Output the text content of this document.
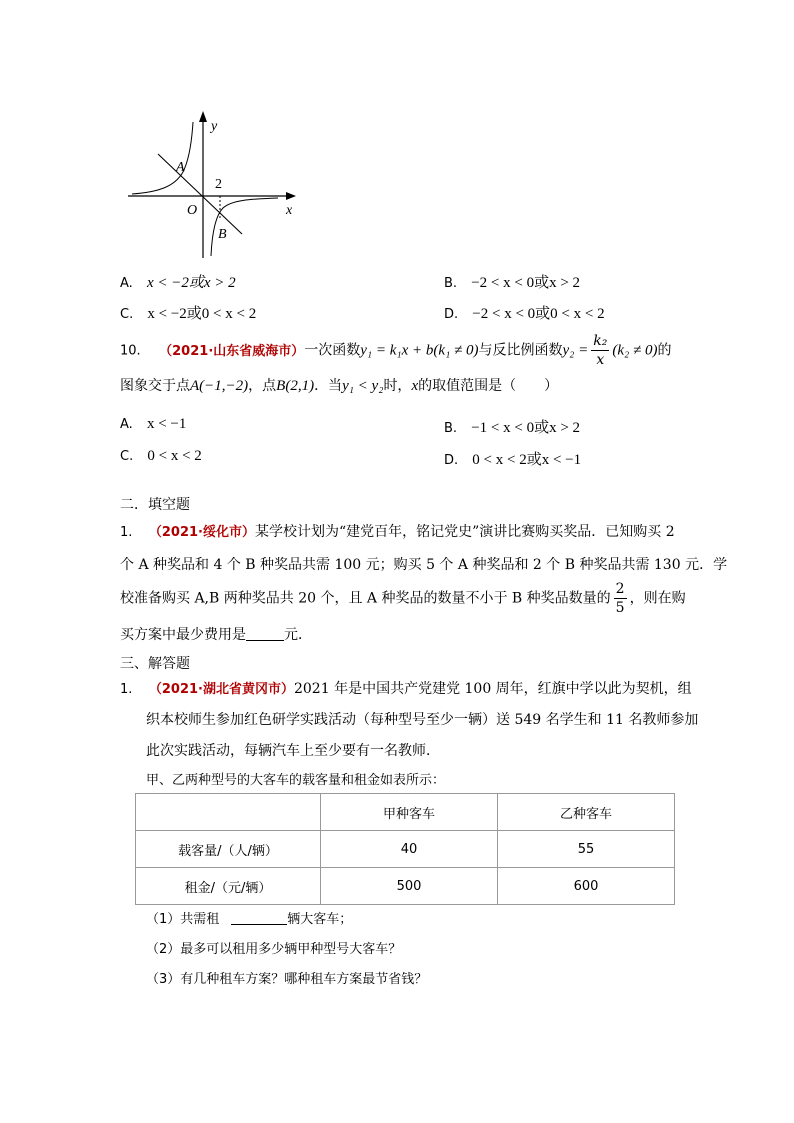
y
x
O
A
B
2
A. x < −2或x > 2	B. −2 < x < 0或x > 2
C. x < −2或0 < x < 2	D. −2 < x < 0或0 < x < 2
10. （2021·山东省威海市）一次函数y₁ = k₁x + b(k₁ ≠ 0)与反比例函数$y_2 = \frac{\text{k₂}}{x} (k_2 \ne 0)$的
图象交于点A(−1,−2)，点B(2,1)．当y₁ < y₂时，x的取值范围是（　　）
A. x < −1	B. −1 < x < 0或x > 2
C. 0 < x < 2	D. 0 < x < 2或x < −1
二．填空题
1. （2021·绥化市）某学校计划为“建党百年，铭记党史”演讲比赛购买奖品．已知购买 2
个 A 种奖品和 4 个 B 种奖品共需 100 元；购买 5 个 A 种奖品和 2 个 B 种奖品共需 130 元．学
校准备购买 A,B 两种奖品共 20 个，且 A 种奖品的数量不小于 B 种奖品数量的 $\frac{2}{5}$ ，则在购
买方案中最少费用是	元．
三、解答题
1. （2021·湖北省黄冈市）2021 年是中国共产党建党 100 周年，红旗中学以此为契机，组
织本校师生参加红色研学实践活动（每种型号至少一辆）送 549 名学生和 11 名教师参加
此次实践活动，每辆汽车上至少要有一名教师．
甲、乙两种型号的大客车的载客量和租金如表所示：
	甲种客车	乙种客车
载客量/（人/辆）	40	55
租金/（元/辆）	500	600
（1）共需租	辆大客车；
（2）最多可以租用多少辆甲种型号大客车？
（3）有几种租车方案？哪种租车方案最节省钱？
